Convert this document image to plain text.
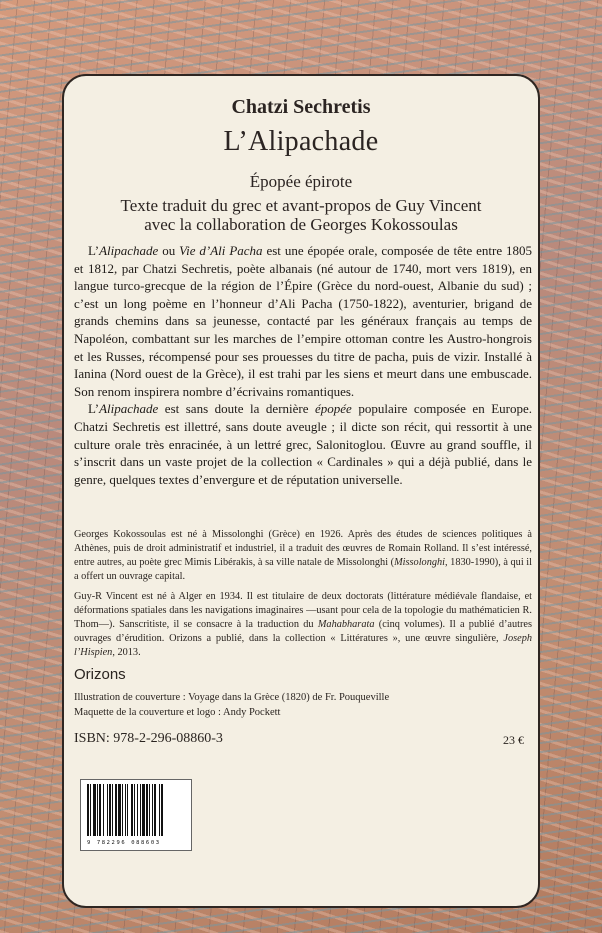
Chatzi Sechretis
L’Alipachade
Épopée épirote
Texte traduit du grec et avant-propos de Guy Vincent
avec la collaboration de Georges Kokossoulas

L’Alipachade ou Vie d’Ali Pacha est une épopée orale, composée de tête entre 1805 et 1812, par Chatzi Sechretis, poète albanais (né autour de 1740, mort vers 1819), en langue turco-grecque de la région de l’Épire (Grèce du nord-ouest, Albanie du sud) ; c’est un long poème en l’honneur d’Ali Pacha (1750-1822), aventurier, brigand de grands chemins dans sa jeunesse, contacté par les généraux français au temps de Napoléon, combattant sur les marches de l’empire ottoman contre les Austro-hongrois et les Russes, récompensé pour ses prouesses du titre de pacha, puis de vizir. Installé à Ianina (Nord ouest de la Grèce), il est trahi par les siens et meurt dans une embuscade. Son renom inspirera nombre d’écrivains romantiques.

L’Alipachade est sans doute la dernière épopée populaire composée en Europe. Chatzi Sechretis est illettré, sans doute aveugle ; il dicte son récit, qui ressortit à une culture orale très enracinée, à un lettré grec, Salonitoglou. Œuvre au grand souffle, il s’inscrit dans un vaste projet de la collection « Cardinales » qui a déjà publié, dans le genre, quelques textes d’envergure et de réputation universelle.

Georges Kokossoulas est né à Missolonghi (Grèce) en 1926. Après des études de sciences politiques à Athènes, puis de droit administratif et industriel, il a traduit des œuvres de Romain Rolland. Il s’est intéressé, entre autres, au poète grec Mimis Libérakis, à sa ville natale de Missolonghi (Missolonghi, 1830-1990), à qui il a offert un ouvrage capital.

Guy-R Vincent est né à Alger en 1934. Il est titulaire de deux doctorats (littérature médiévale flandaise, et déformations spatiales dans les navigations imaginaires —usant pour cela de la topologie du mathématicien R. Thom—). Sanscritiste, il se consacre à la traduction du Mahabharata (cinq volumes). Il a publié d’autres ouvrages d’érudition. Orizons a publié, dans la collection « Littératures », une œuvre singulière, Joseph l’Hispien, 2013.

Orizons
Illustration de couverture : Voyage dans la Grèce (1820) de Fr. Pouqueville
Maquette de la couverture et logo : Andy Pockett
ISBN: 978-2-296-08860-3	23 €
9 782296 088603
